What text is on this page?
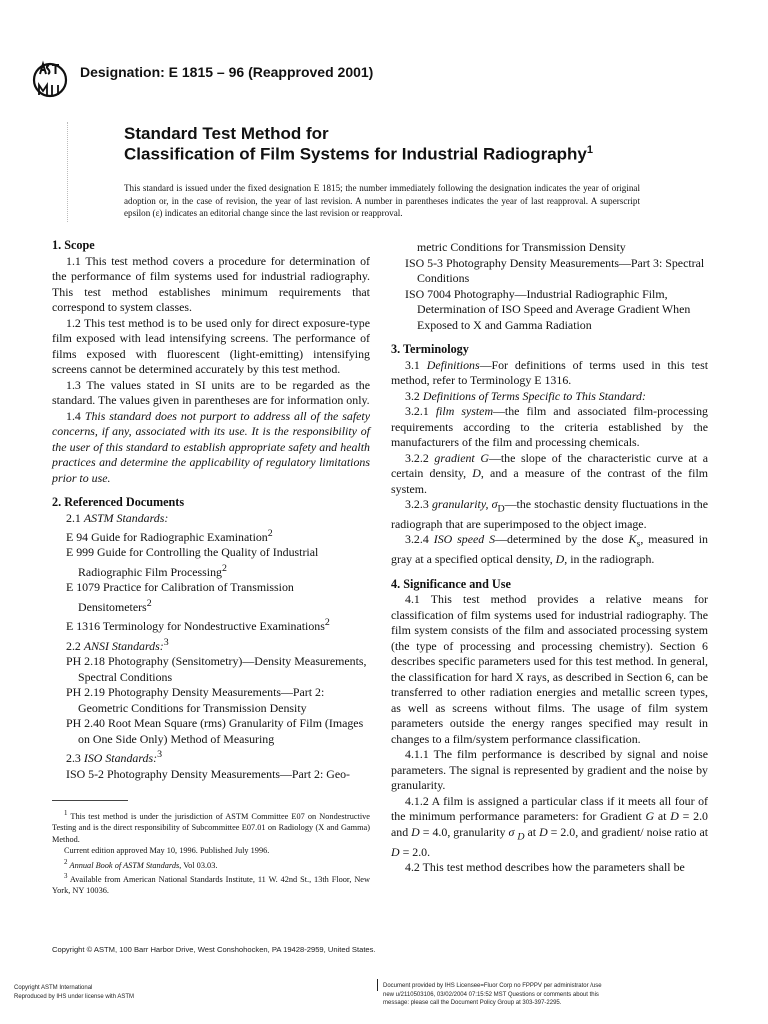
Designation: E 1815 – 96 (Reapproved 2001)
Standard Test Method for
Classification of Film Systems for Industrial Radiography$^1$
This standard is issued under the fixed designation E 1815; the number immediately following the designation indicates the year of original adoption or, in the case of revision, the year of last revision. A number in parentheses indicates the year of last reapproval. A superscript epsilon (ε) indicates an editorial change since the last revision or reapproval.
1. Scope

1.1 This test method covers a procedure for determination of the performance of film systems used for industrial radiography. This test method establishes minimum requirements that correspond to system classes.

1.2 This test method is to be used only for direct exposure-type film exposed with lead intensifying screens. The performance of films exposed with fluorescent (light-emitting) intensifying screens cannot be determined accurately by this test method.

1.3 The values stated in SI units are to be regarded as the standard. The values given in parentheses are for information only.

1.4 This standard does not purport to address all of the safety concerns, if any, associated with its use. It is the responsibility of the user of this standard to establish appropriate safety and health practices and determine the applicability of regulatory limitations prior to use.

2. Referenced Documents

2.1 ASTM Standards:

E 94 Guide for Radiographic Examination$^2$

E 999 Guide for Controlling the Quality of Industrial Radiographic Film Processing$^2$

E 1079 Practice for Calibration of Transmission Densitometers$^2$

E 1316 Terminology for Nondestructive Examinations$^2$

2.2 ANSI Standards:$^3$

PH 2.18 Photography (Sensitometry)—Density Measurements, Spectral Conditions

PH 2.19 Photography Density Measurements—Part 2: Geometric Conditions for Transmission Density

PH 2.40 Root Mean Square (rms) Granularity of Film (Images on One Side Only) Method of Measuring

2.3 ISO Standards:$^3$

ISO 5-2 Photography Density Measurements—Part 2: Geo-

metric Conditions for Transmission Density

ISO 5-3 Photography Density Measurements—Part 3: Spectral Conditions

ISO 7004 Photography—Industrial Radiographic Film, Determination of ISO Speed and Average Gradient When Exposed to X and Gamma Radiation

3. Terminology

3.1 Definitions—For definitions of terms used in this test method, refer to Terminology E 1316.

3.2 Definitions of Terms Specific to This Standard:

3.2.1 film system—the film and associated film-processing requirements according to the criteria established by the manufacturers of the film and processing chemicals.

3.2.2 gradient G—the slope of the characteristic curve at a certain density, D, and a measure of the contrast of the film system.

3.2.3 granularity, $\sigma_D—the$ stochastic density fluctuations in the radiograph that are superimposed to the object image.

3.2.4 ISO speed S—determined by the dose $K_s$, measured in gray at a specified optical density, D, in the radiograph.

4. Significance and Use

4.1 This test method provides a relative means for classification of film systems used for industrial radiography. The film system consists of the film and associated processing system (the type of processing and processing chemistry). Section 6 describes specific parameters used for this test method. In general, the classification for hard X rays, as described in Section 6, can be transferred to other radiation energies and metallic screen types, as well as screens without films. The usage of film system parameters outside the energy ranges specified may result in changes to a film/system performance classification.

4.1.1 The film performance is described by signal and noise parameters. The signal is represented by gradient and the noise by granularity.

4.1.2 A film is assigned a particular class if it meets all four of the minimum performance parameters: for Gradient G at D = 2.0 and D = 4.0, granularity σ $_D$ at D = 2.0, and gradient/ noise ratio at D = 2.0.

4.2 This test method describes how the parameters shall be

$^1$ This test method is under the jurisdiction of ASTM Committee E07 on Nondestructive Testing and is the direct responsibility of Subcommittee E07.01 on Radiology (X and Gamma) Method.

Current edition approved May 10, 1996. Published July 1996.

$^2$ Annual Book of ASTM Standards, Vol 03.03.

$^3$ Available from American National Standards Institute, 11 W. 42nd St., 13th Floor, New York, NY 10036.

Copyright © ASTM, 100 Barr Harbor Drive, West Conshohocken, PA 19428-2959, United States.
Copyright ASTM International
Reproduced by IHS under license with ASTM
Document provided by IHS Licensee=Fluor Corp no FPPPV per administrator /use
new u/2110503106, 03/02/2004 07:15:52 MST Questions or comments about this
message: please call the Document Policy Group at 303-397-2295.
